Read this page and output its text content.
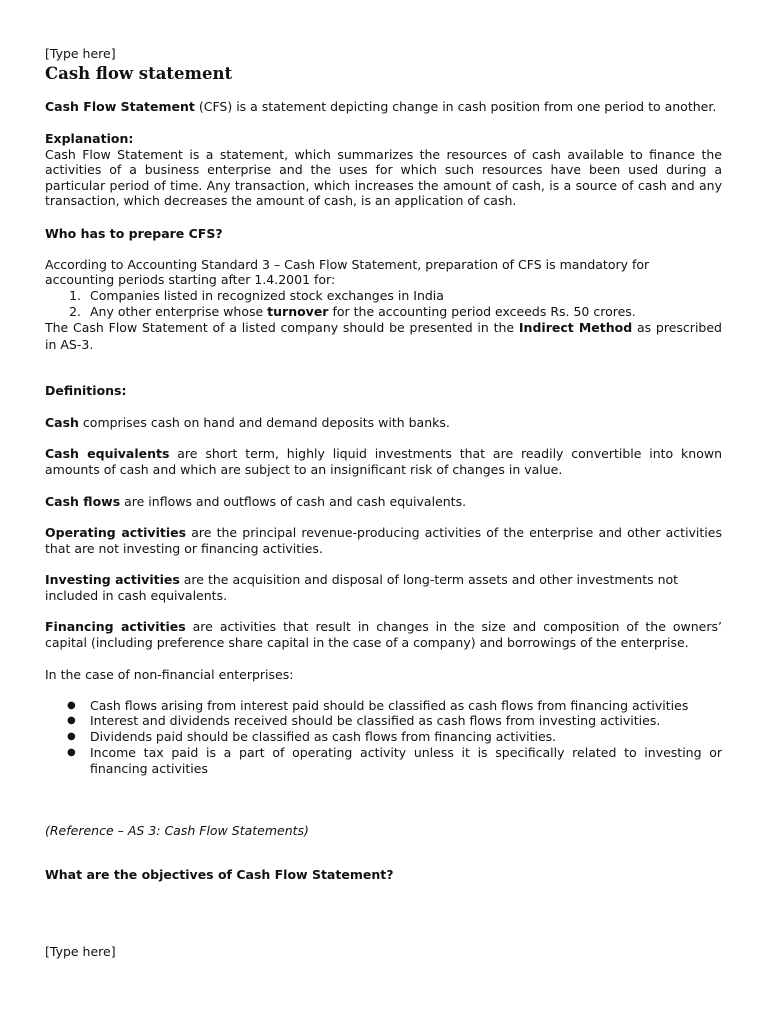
[Type here]
Cash flow statement
Cash Flow Statement (CFS) is a statement depicting change in cash position from one period to another.
Explanation:
Cash Flow Statement is a statement, which summarizes the resources of cash available to finance the
activities of a business enterprise and the uses for which such resources have been used during a
particular period of time. Any transaction, which increases the amount of cash, is a source of cash and any
transaction, which decreases the amount of cash, is an application of cash.
Who has to prepare CFS?
According to Accounting Standard 3 – Cash Flow Statement, preparation of CFS is mandatory for
accounting periods starting after 1.4.2001 for:
1. Companies listed in recognized stock exchanges in India
2. Any other enterprise whose turnover for the accounting period exceeds Rs. 50 crores.
The Cash Flow Statement of a listed company should be presented in the Indirect Method as prescribed
in AS-3.
Definitions:
Cash comprises cash on hand and demand deposits with banks.
Cash equivalents are short term, highly liquid investments that are readily convertible into known
amounts of cash and which are subject to an insignificant risk of changes in value.
Cash flows are inflows and outflows of cash and cash equivalents.
Operating activities are the principal revenue-producing activities of the enterprise and other activities
that are not investing or financing activities.
Investing activities are the acquisition and disposal of long-term assets and other investments not
included in cash equivalents.
Financing activities are activities that result in changes in the size and composition of the owners’
capital (including preference share capital in the case of a company) and borrowings of the enterprise.
In the case of non-financial enterprises:
● Cash flows arising from interest paid should be classified as cash flows from financing activities
● Interest and dividends received should be classified as cash flows from investing activities.
● Dividends paid should be classified as cash flows from financing activities.
● Income tax paid is a part of operating activity unless it is specifically related to investing or
financing activities
(Reference – AS 3: Cash Flow Statements)
What are the objectives of Cash Flow Statement?
[Type here]
